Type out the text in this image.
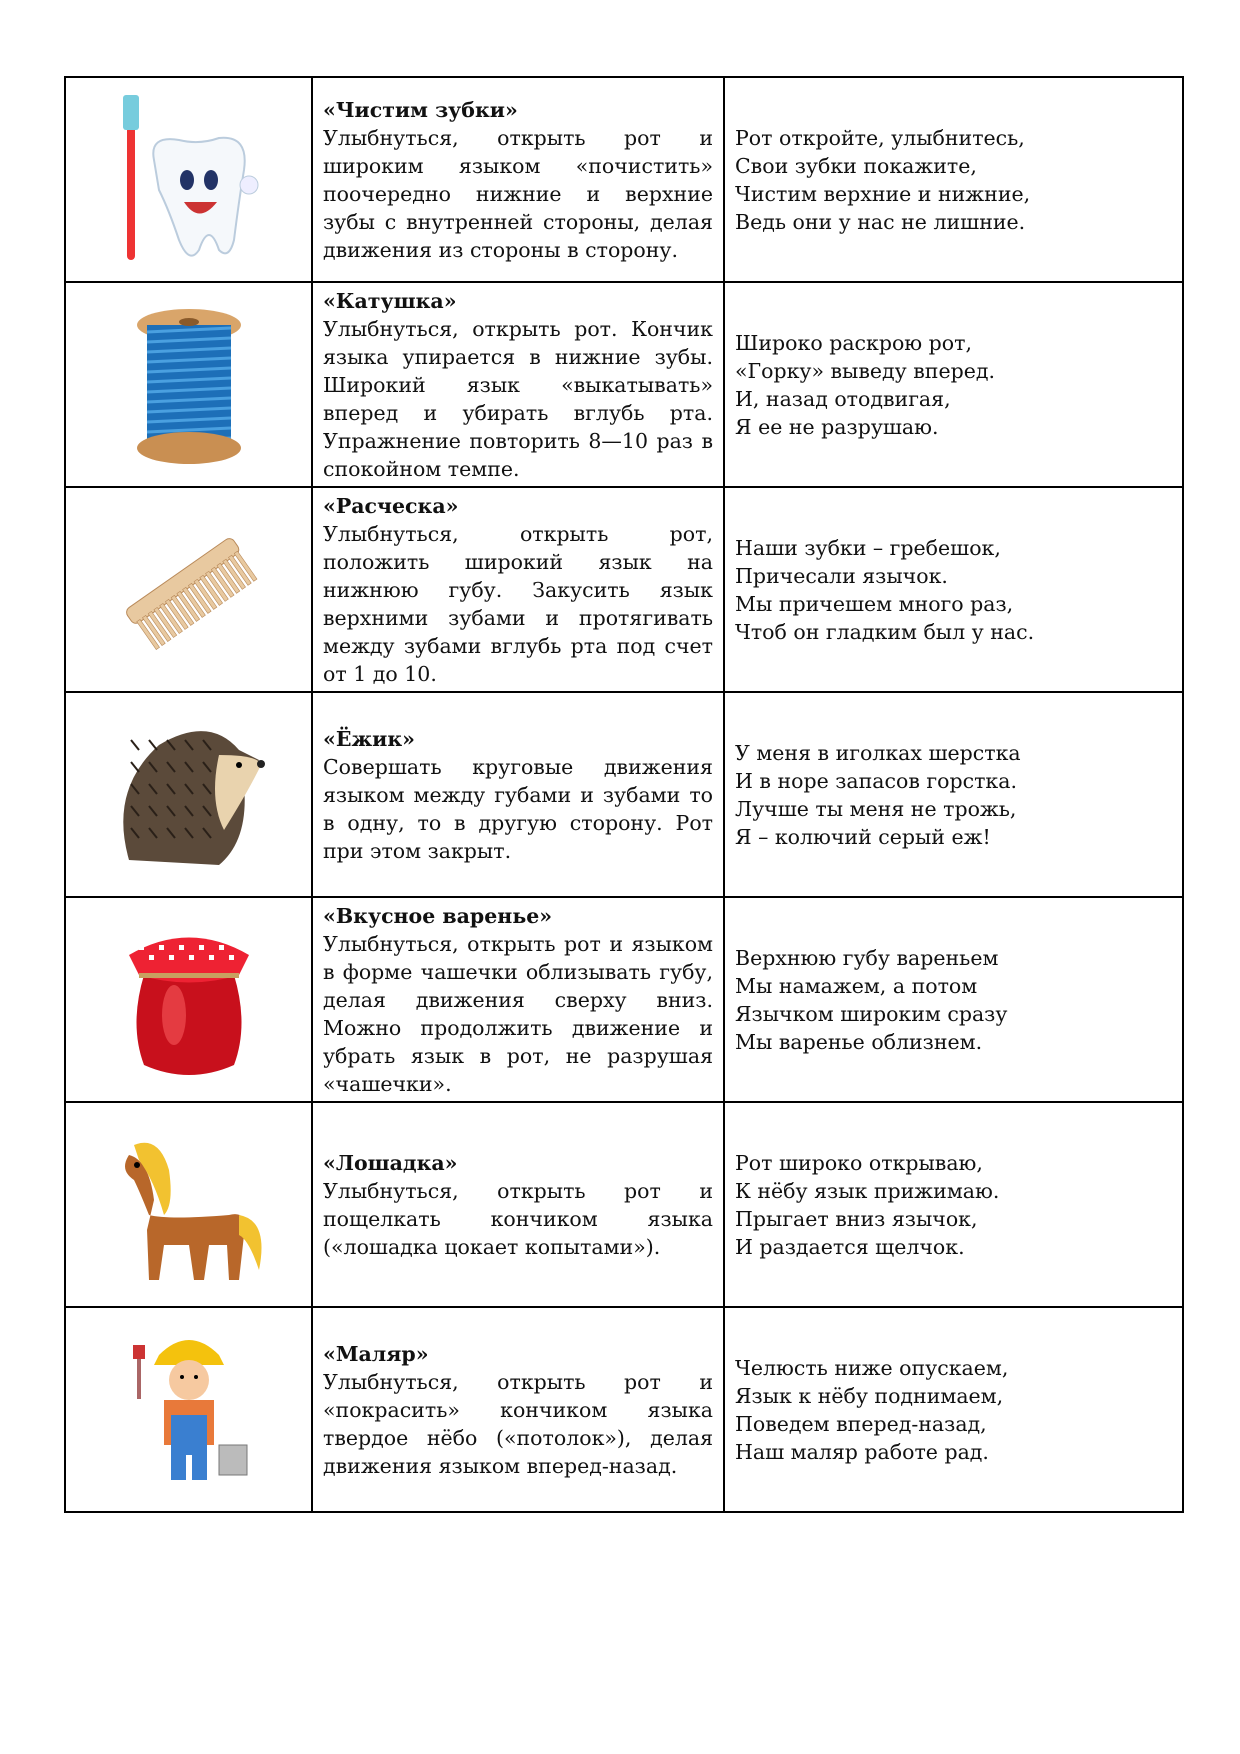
«Чистим зубки»
Улыбнуться, открыть рот и широким языком «почистить» поочередно нижние и верхние зубы с внутренней стороны, делая движения из стороны в сторону.	Рот откройте, улыбнитесь,
Свои зубки покажите,
Чистим верхние и нижние,
Ведь они у нас не лишние.

«Катушка»
Улыбнуться, открыть рот. Кончик языка упирается в нижние зубы. Широкий язык «выкатывать» вперед и убирать вглубь рта. Упражнение повторить 8—10 раз в спокойном темпе.	Широко раскрою рот,
«Горку» выведу вперед.
И, назад отодвигая,
Я ее не разрушаю.

«Расческа»
Улыбнуться, открыть рот, положить широкий язык на нижнюю губу. Закусить язык верхними зубами и протягивать между зубами вглубь рта под счет от 1 до 10.	Наши зубки – гребешок,
Причесали язычок.
Мы причешем много раз,
Чтоб он гладким был у нас.

«Ёжик»
Совершать круговые движения языком между губами и зубами то в одну, то в другую сторону. Рот при этом закрыт.	У меня в иголках шерстка
И в норе запасов горстка.
Лучше ты меня не трожь,
Я – колючий серый еж!

«Вкусное варенье»
Улыбнуться, открыть рот и языком в форме чашечки облизывать губу, делая движения сверху вниз. Можно продолжить движение и убрать язык в рот, не разрушая «чашечки».	Верхнюю губу вареньем
Мы намажем, а потом
Язычком широким сразу
Мы варенье облизнем.

«Лошадка»
Улыбнуться, открыть рот и пощелкать кончиком языка («лошадка цокает копытами»).	Рот широко открываю,
К нёбу язык прижимаю.
Прыгает вниз язычок,
И раздается щелчок.

«Маляр»
Улыбнуться, открыть рот и «покрасить» кончиком языка твердое нёбо («потолок»), делая движения языком вперед-назад.	Челюсть ниже опускаем,
Язык к нёбу поднимаем,
Поведем вперед-назад,
Наш маляр работе рад.
